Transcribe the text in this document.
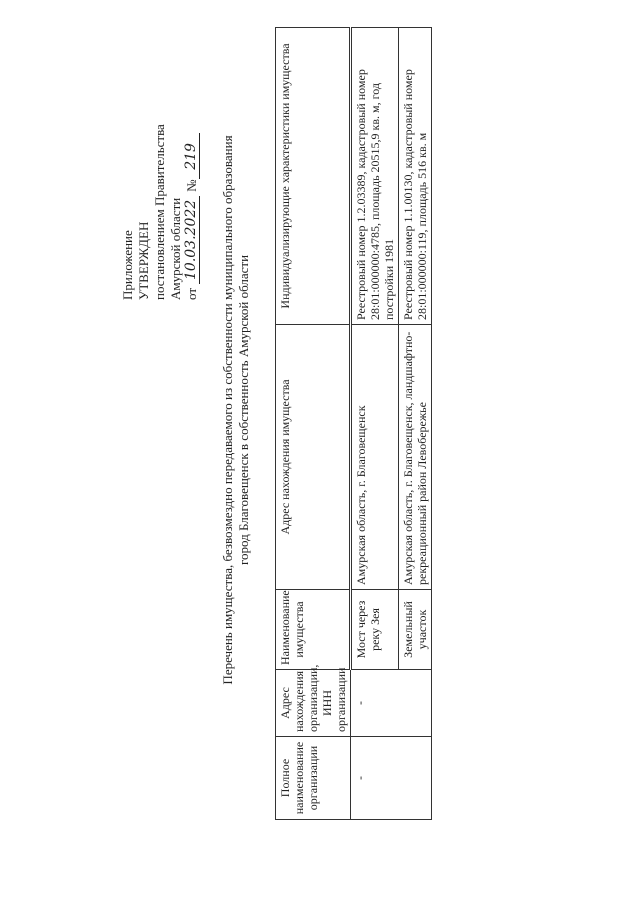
Приложение УТВЕРЖДЕН постановлением Правительства Амурской области от
10.03.2022
№
219 Перечень имущества, безвозмездно передаваемого из собственности муниципального образования город Благовещенск в собственность Амурской области
Полное наименование организации	Адрес нахождения организации, ИНН организации	Наименование имущества	Адрес нахождения имущества	Индивидуализирующие характеристики имущества
-	-	Мост через реку Зея	Амурская область, г. Благовещенск	Реестровый номер 1.2.03389, кадастровый номер 28:01:000000:4785, площадь 20515,9 кв. м, год постройки 1981
		Земельный участок	Амурская область, г. Благовещенск, ландшафтно-рекреационный район Левобережье	Реестровый номер 1.1.00130, кадастровый номер 28:01:000000:119, площадь 516 кв. м
